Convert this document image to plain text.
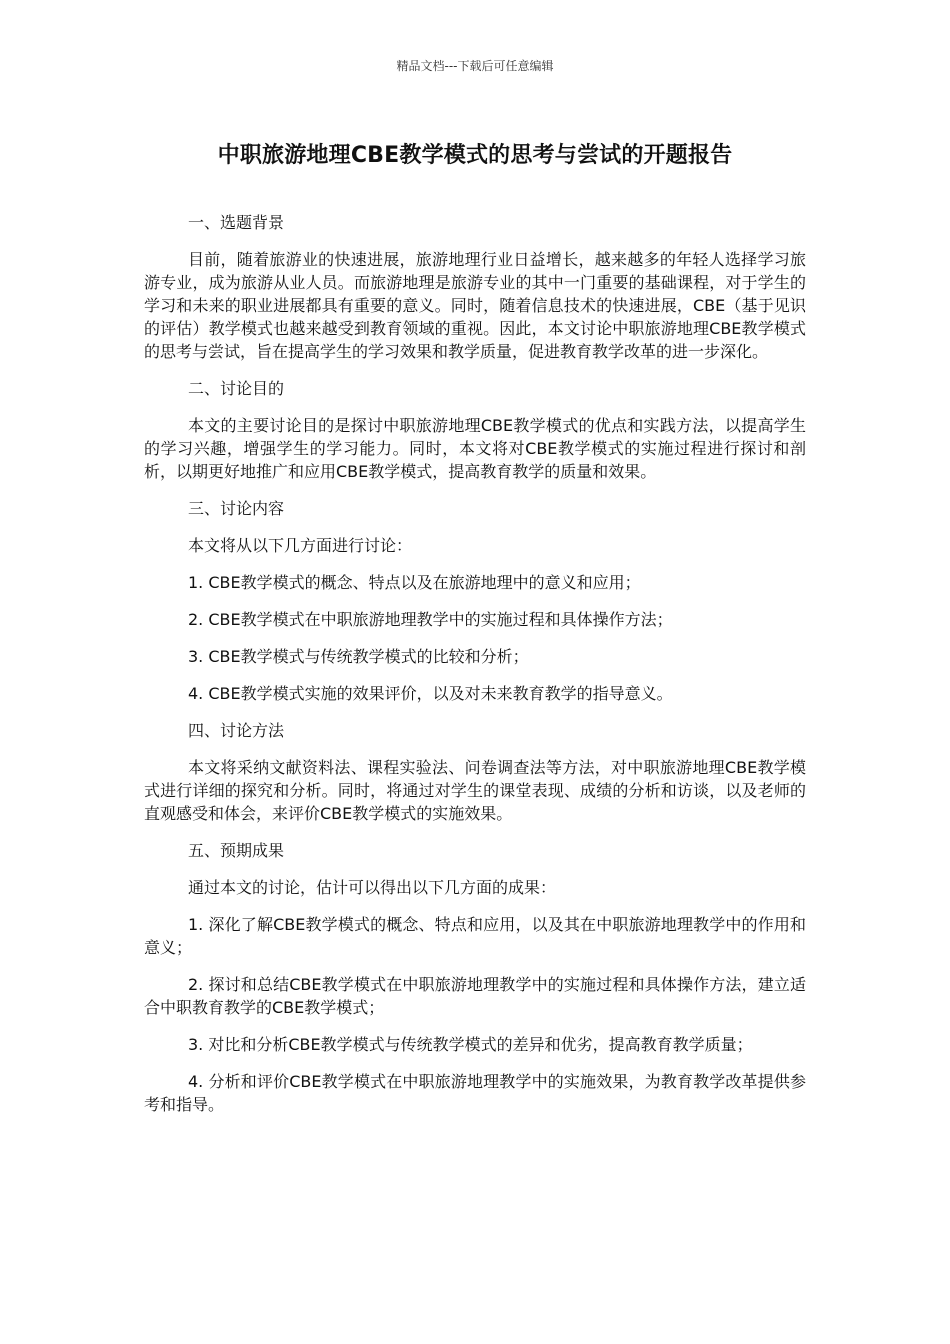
精品文档---下载后可任意编辑
中职旅游地理CBE教学模式的思考与尝试的开题报告

一、选题背景

目前，随着旅游业的快速进展，旅游地理行业日益增长，越来越多的年轻人选择学习旅游专业，成为旅游从业人员。而旅游地理是旅游专业的其中一门重要的基础课程，对于学生的学习和未来的职业进展都具有重要的意义。同时，随着信息技术的快速进展，CBE（基于见识的评估）教学模式也越来越受到教育领域的重视。因此，本文讨论中职旅游地理CBE教学模式的思考与尝试，旨在提高学生的学习效果和教学质量，促进教育教学改革的进一步深化。

二、讨论目的

本文的主要讨论目的是探讨中职旅游地理CBE教学模式的优点和实践方法，以提高学生的学习兴趣，增强学生的学习能力。同时，本文将对CBE教学模式的实施过程进行探讨和剖析，以期更好地推广和应用CBE教学模式，提高教育教学的质量和效果。

三、讨论内容

本文将从以下几方面进行讨论：

1. CBE教学模式的概念、特点以及在旅游地理中的意义和应用；

2. CBE教学模式在中职旅游地理教学中的实施过程和具体操作方法；

3. CBE教学模式与传统教学模式的比较和分析；

4. CBE教学模式实施的效果评价，以及对未来教育教学的指导意义。

四、讨论方法

本文将采纳文献资料法、课程实验法、问卷调查法等方法，对中职旅游地理CBE教学模式进行详细的探究和分析。同时，将通过对学生的课堂表现、成绩的分析和访谈，以及老师的直观感受和体会，来评价CBE教学模式的实施效果。

五、预期成果

通过本文的讨论，估计可以得出以下几方面的成果：

1. 深化了解CBE教学模式的概念、特点和应用，以及其在中职旅游地理教学中的作用和意义；

2. 探讨和总结CBE教学模式在中职旅游地理教学中的实施过程和具体操作方法，建立适合中职教育教学的CBE教学模式；

3. 对比和分析CBE教学模式与传统教学模式的差异和优劣，提高教育教学质量；

4. 分析和评价CBE教学模式在中职旅游地理教学中的实施效果，为教育教学改革提供参考和指导。
